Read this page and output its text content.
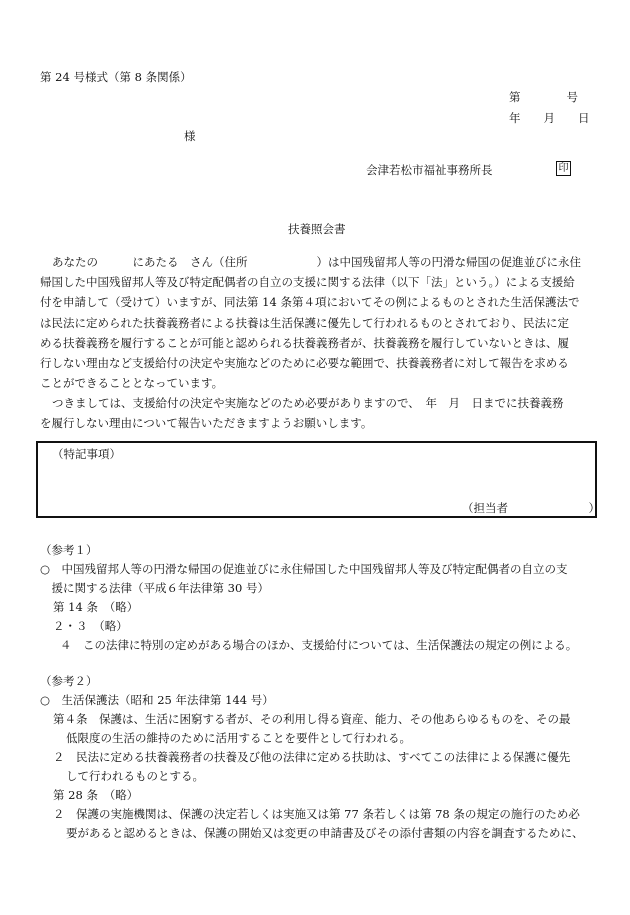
第 24 号様式（第 8 条関係）
第　　　　号
年　　月　　日
様
会津若松市福祉事務所長	印
扶養照会書
あなたの　　　にあたる　さん（住所　　　　　　）は中国残留邦人等の円滑な帰国の促進並びに永住
帰国した中国残留邦人等及び特定配偶者の自立の支援に関する法律（以下「法」という。）による支援給
付を申請して（受けて）いますが、同法第 14 条第４項においてその例によるものとされた生活保護法で
は民法に定められた扶養義務者による扶養は生活保護に優先して行われるものとされており、民法に定
める扶養義務を履行することが可能と認められる扶養義務者が、扶養義務を履行していないときは、履
行しない理由など支援給付の決定や実施などのために必要な範囲で、扶養義務者に対して報告を求める
ことができることとなっています。
つきましては、支援給付の決定や実施などのため必要がありますので、　年　月　日までに扶養義務
を履行しない理由について報告いただきますようお願いします。
（特記事項）
（担当者　　　　　　　）
（参考１）
○　中国残留邦人等の円滑な帰国の促進並びに永住帰国した中国残留邦人等及び特定配偶者の自立の支
　援に関する法律（平成６年法律第 30 号）
第 14 条　（略）
２・３　（略）
４　この法律に特別の定めがある場合のほか、支援給付については、生活保護法の規定の例による。
（参考２）
○　生活保護法（昭和 25 年法律第 144 号）
第４条　保護は、生活に困窮する者が、その利用し得る資産、能力、その他あらゆるものを、その最
低限度の生活の維持のために活用することを要件として行われる。
２　民法に定める扶養義務者の扶養及び他の法律に定める扶助は、すべてこの法律による保護に優先
して行われるものとする。
第 28 条　（略）
２　保護の実施機関は、保護の決定若しくは実施又は第 77 条若しくは第 78 条の規定の施行のため必
要があると認めるときは、保護の開始又は変更の申請書及びその添付書類の内容を調査するために、
